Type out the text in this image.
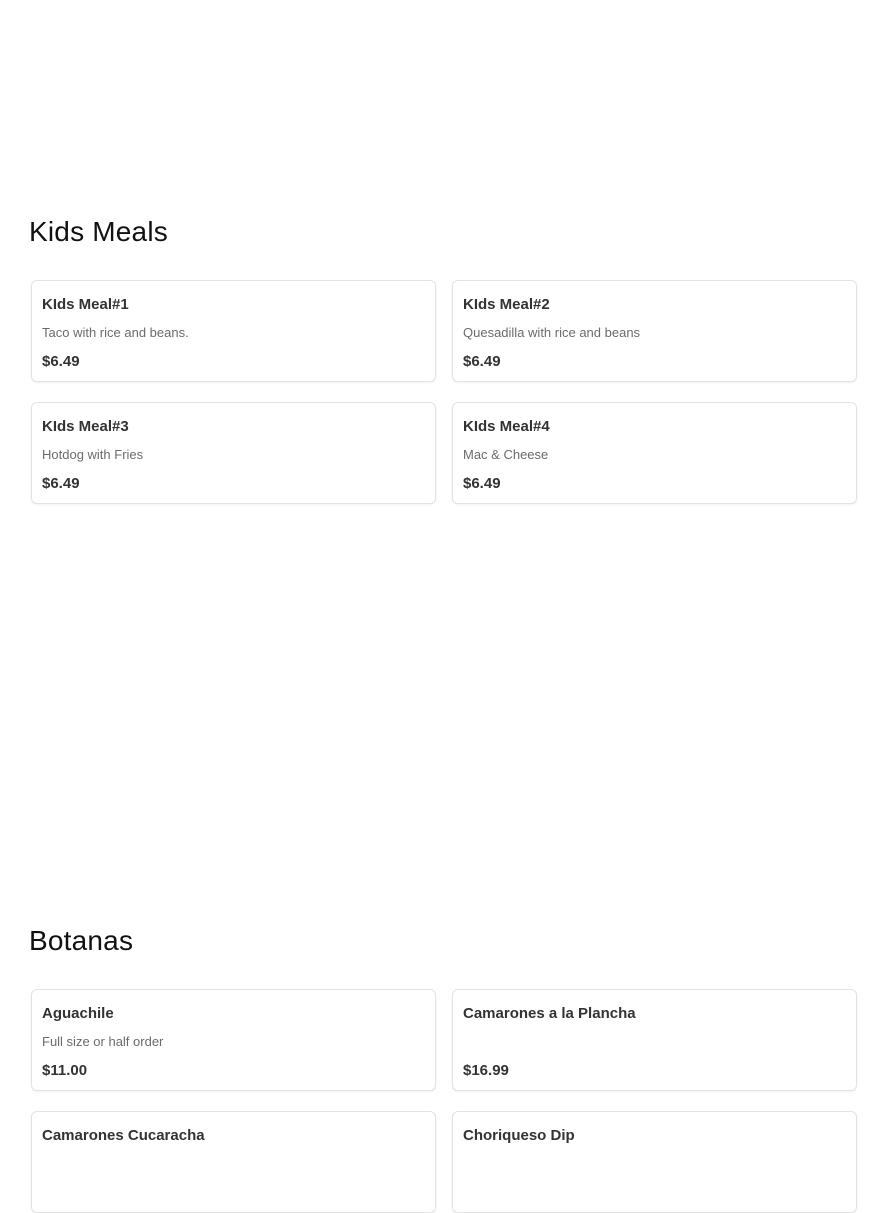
Kids Meals
KIds Meal#1
Taco with rice and beans.
$6.49
KIds Meal#2
Quesadilla with rice and beans
$6.49
KIds Meal#3
Hotdog with Fries
$6.49
KIds Meal#4
Mac & Cheese
$6.49
Botanas
Aguachile
Full size or half order
$11.00
Camarones a la Plancha
$16.99
Camarones Cucaracha	Choriqueso Dip
